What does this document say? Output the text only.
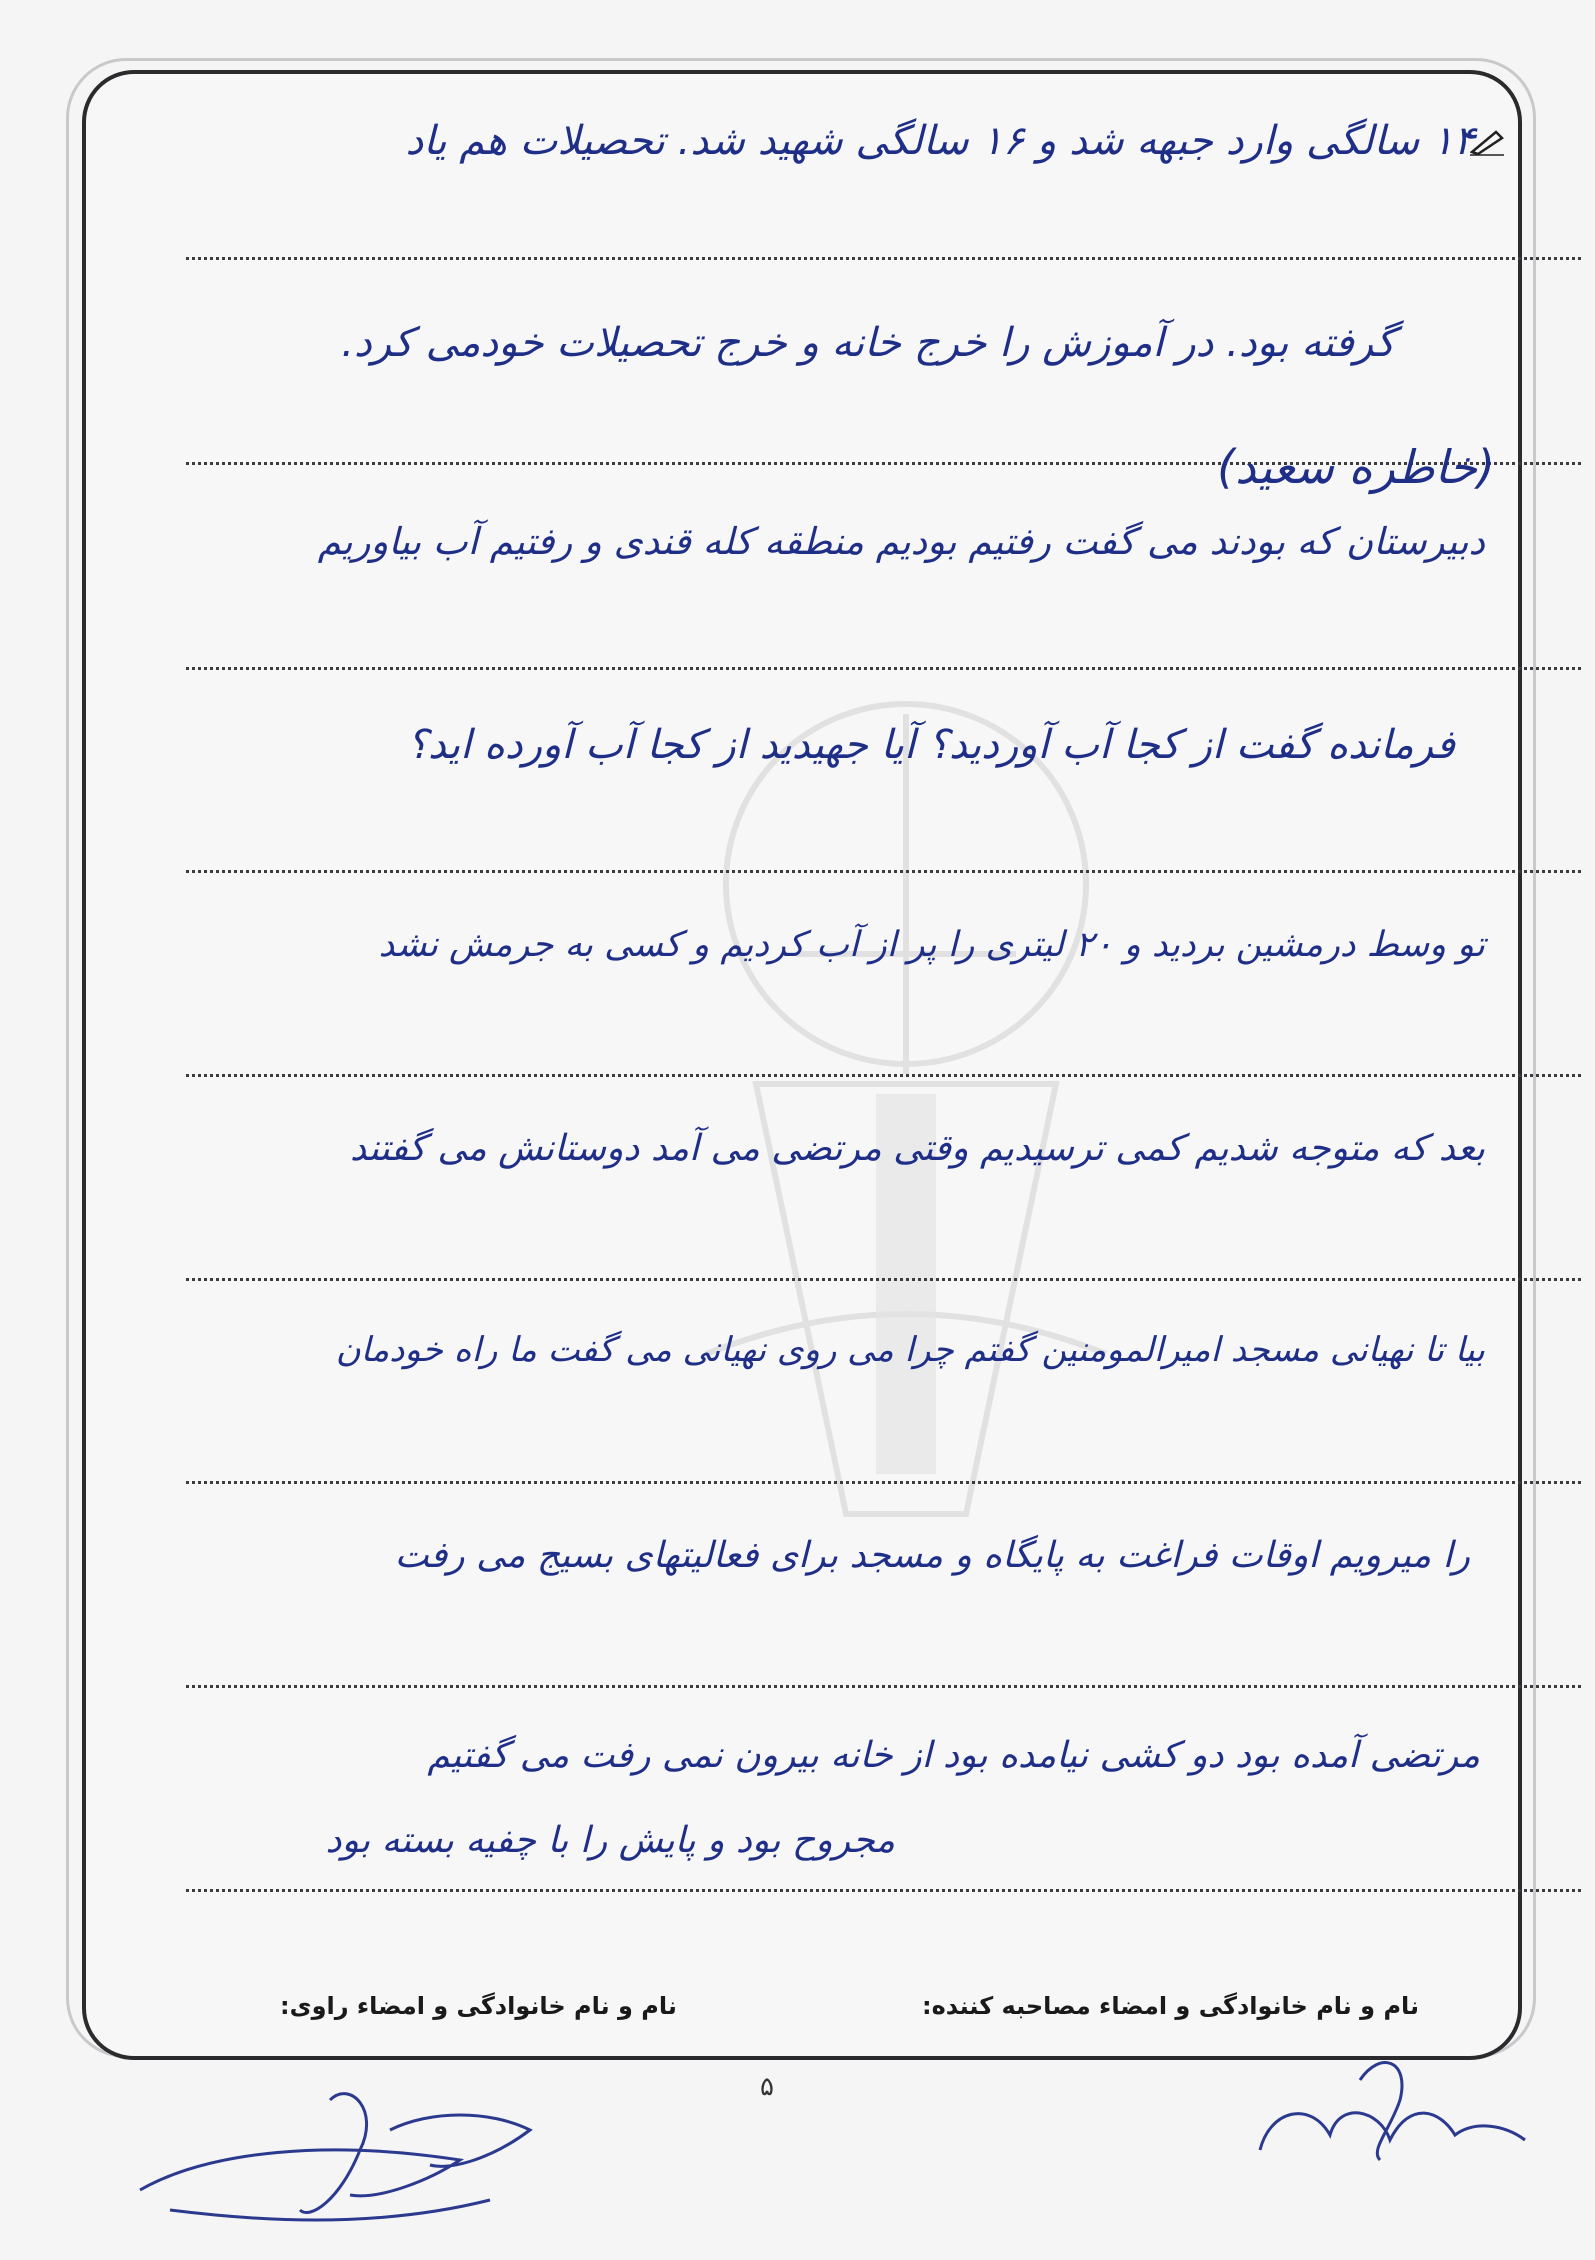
۱۴ سالگی وارد جبهه شد و ۱۶ سالگی شهید شد. تحصیلات هم یاد
گرفته بود. در آموزش را خرج خانه و خرج تحصیلات خودمی کرد.
(خاطره سعید)
دبیرستان که بودند می گفت رفتیم بودیم منطقه کله قندی و رفتیم آب بیاوریم
فرمانده گفت از کجا آب آوردید؟ آیا جهیدید از کجا آب آورده اید؟
تو وسط درمشین بردید و ۲۰ لیتری را پر از آب کردیم و کسی به جرمش نشد
بعد که متوجه شدیم کمی ترسیدیم وقتی مرتضی می آمد دوستانش می گفتند
بیا تا نهیانی مسجد امیرالمومنین گفتم چرا می روی نهیانی می گفت ما راه خودمان
را میرویم اوقات فراغت به پایگاه و مسجد برای فعالیتهای بسیج می رفت
مرتضی آمده بود دو کشی نیامده بود از خانه بیرون نمی رفت می گفتیم
مجروح بود و پایش را با چفیه بسته بود
نام و نام خانوادگی و امضاء مصاحبه کننده:
نام و نام خانوادگی و امضاء راوی:
۵
